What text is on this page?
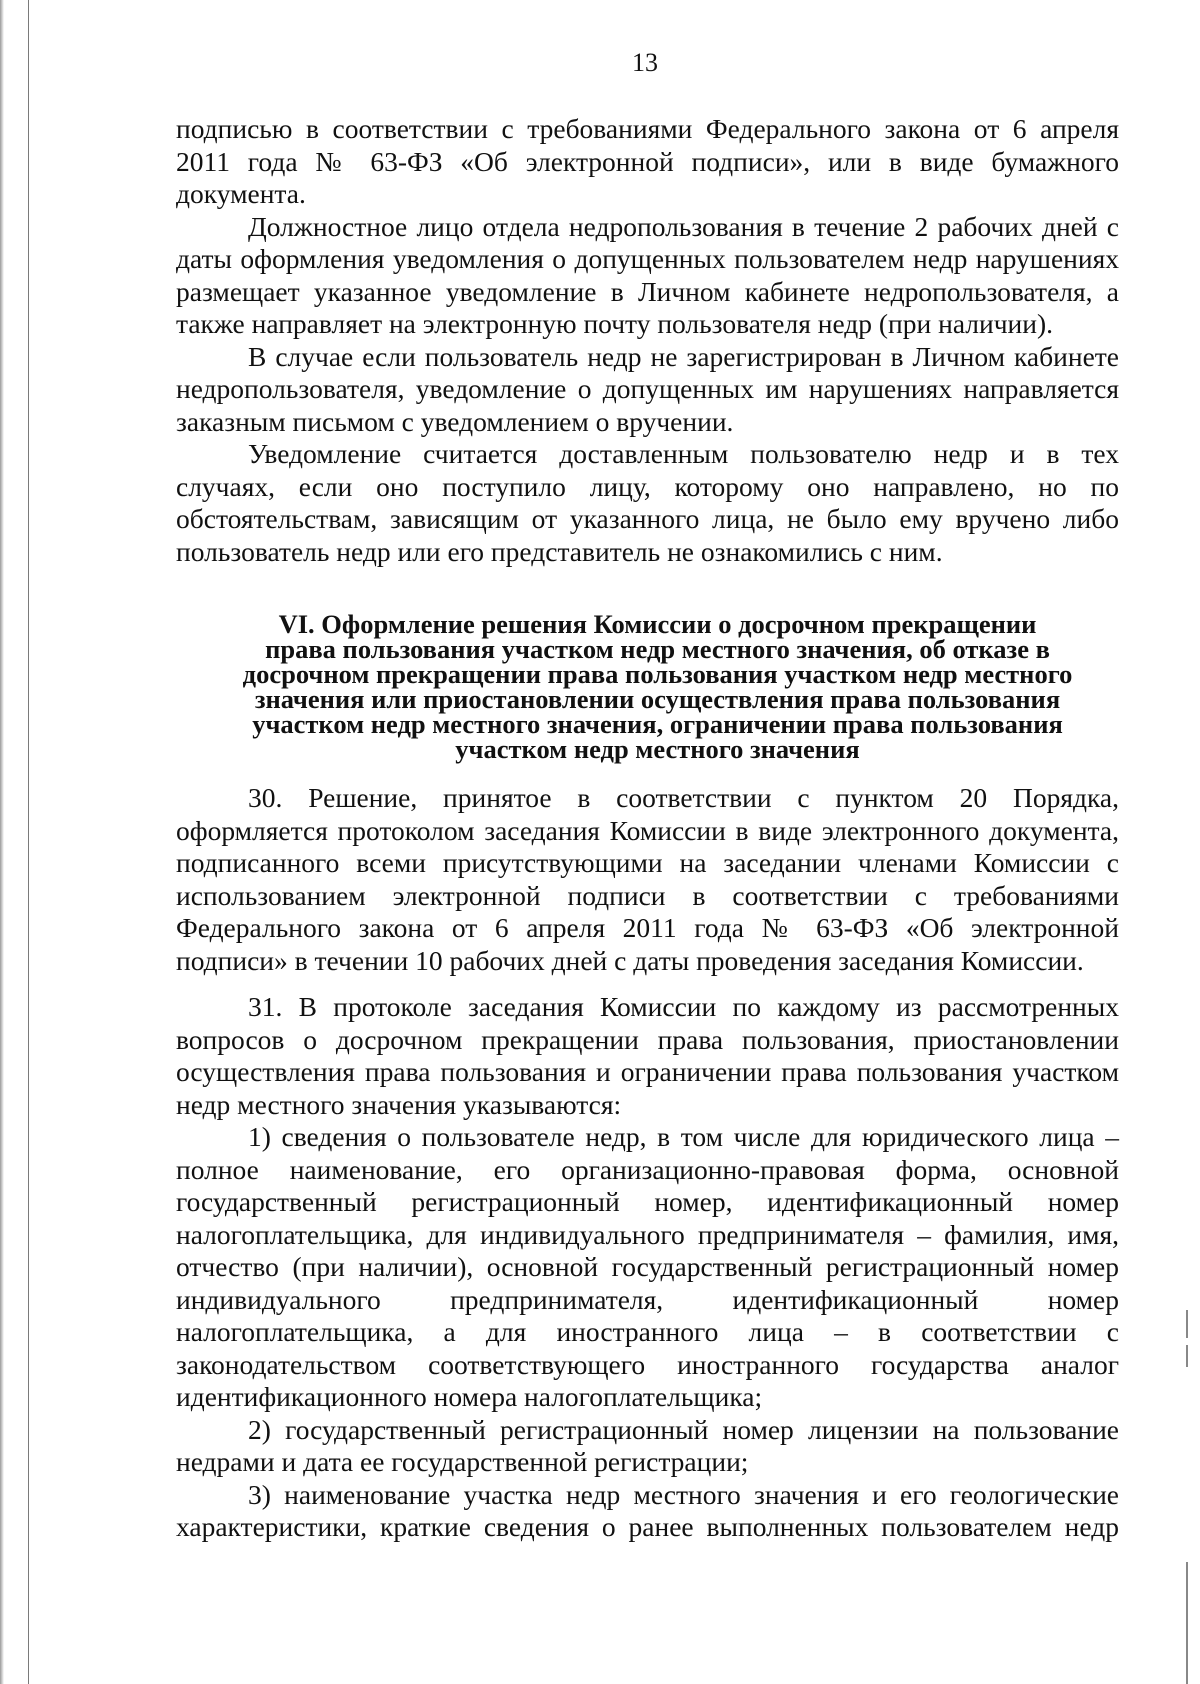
13

подписью в соответствии с требованиями Федерального закона от 6 апреля 2011 года № 63-ФЗ «Об электронной подписи», или в виде бумажного документа.

Должностное лицо отдела недропользования в течение 2 рабочих дней с даты оформления уведомления о допущенных пользователем недр нарушениях размещает указанное уведомление в Личном кабинете недропользователя, а также направляет на электронную почту пользователя недр (при наличии).

В случае если пользователь недр не зарегистрирован в Личном кабинете недропользователя, уведомление о допущенных им нарушениях направляется заказным письмом с уведомлением о вручении.

Уведомление считается доставленным пользователю недр и в тех случаях, если оно поступило лицу, которому оно направлено, но по обстоятельствам, зависящим от указанного лица, не было ему вручено либо пользователь недр или его представитель не ознакомились с ним.

VI. Оформление решения Комиссии о досрочном прекращении
права пользования участком недр местного значения, об отказе в
досрочном прекращении права пользования участком недр местного
значения или приостановлении осуществления права пользования
участком недр местного значения, ограничении права пользования
участком недр местного значения

30. Решение, принятое в соответствии с пунктом 20 Порядка, оформляется протоколом заседания Комиссии в виде электронного документа, подписанного всеми присутствующими на заседании членами Комиссии с использованием электронной подписи в соответствии с требованиями Федерального закона от 6 апреля 2011 года № 63-ФЗ «Об электронной подписи» в течении 10 рабочих дней с даты проведения заседания Комиссии.

31. В протоколе заседания Комиссии по каждому из рассмотренных вопросов о досрочном прекращении права пользования, приостановлении осуществления права пользования и ограничении права пользования участком недр местного значения указываются:

1) сведения о пользователе недр, в том числе для юридического лица – полное наименование, его организационно-правовая форма, основной государственный регистрационный номер, идентификационный номер налогоплательщика, для индивидуального предпринимателя – фамилия, имя, отчество (при наличии), основной государственный регистрационный номер индивидуального предпринимателя, идентификационный номер налогоплательщика, а для иностранного лица – в соответствии с законодательством соответствующего иностранного государства аналог идентификационного номера налогоплательщика;

2) государственный регистрационный номер лицензии на пользование недрами и дата ее государственной регистрации;

3) наименование участка недр местного значения и его геологические характеристики, краткие сведения о ранее выполненных пользователем недр
